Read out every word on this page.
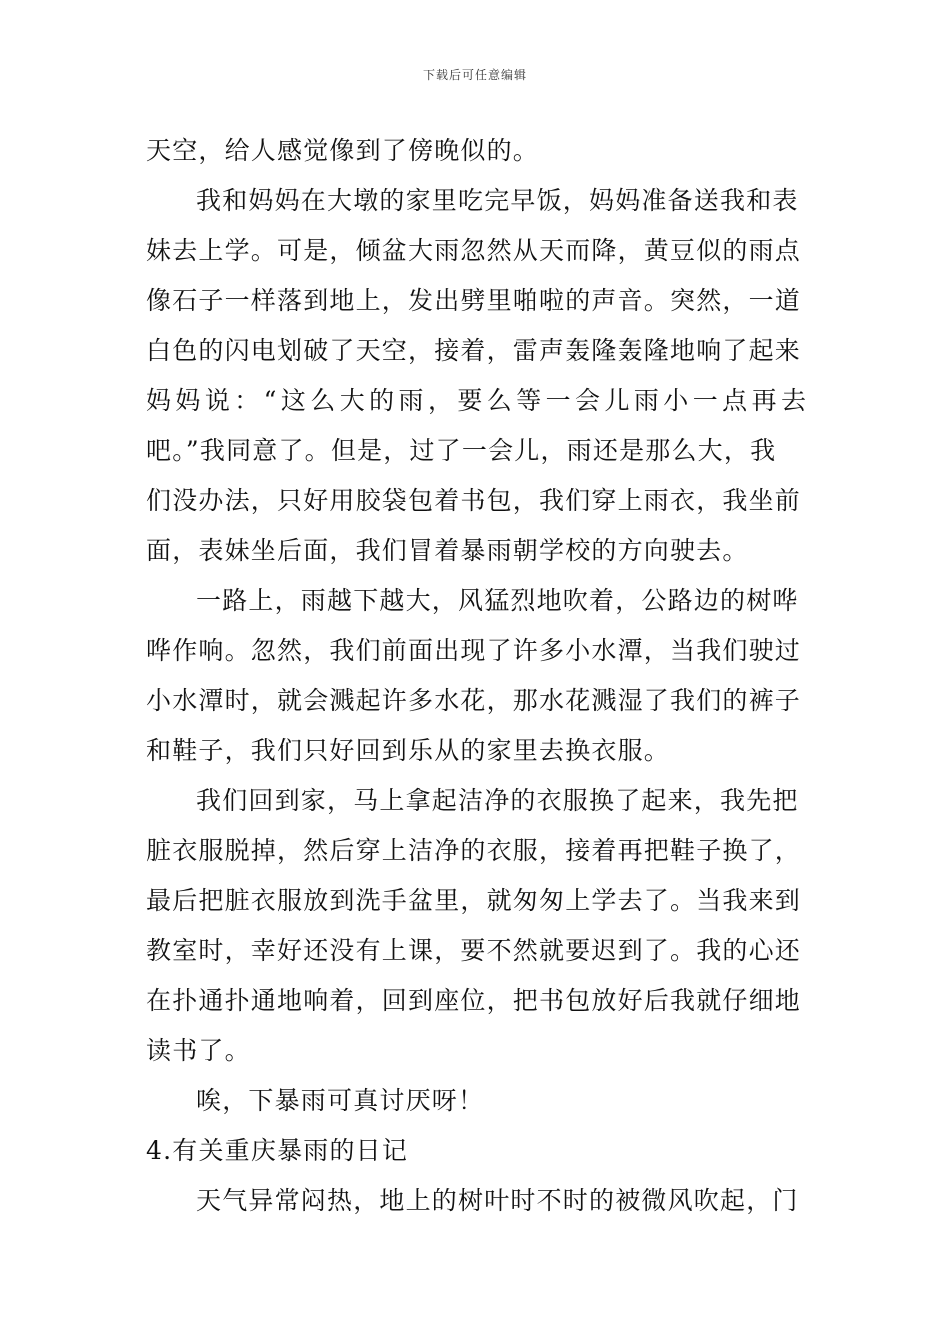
下载后可任意编辑
天空，给人感觉像到了傍晚似的。
我和妈妈在大墩的家里吃完早饭，妈妈准备送我和表
妹去上学。可是，倾盆大雨忽然从天而降，黄豆似的雨点
像石子一样落到地上，发出劈里啪啦的声音。突然，一道
白色的闪电划破了天空，接着，雷声轰隆轰隆地响了起来
妈妈说：“这么大的雨，要么等一会儿雨小一点再去
吧。”我同意了。但是，过了一会儿，雨还是那么大，我
们没办法，只好用胶袋包着书包，我们穿上雨衣，我坐前
面，表妹坐后面，我们冒着暴雨朝学校的方向驶去。
一路上，雨越下越大，风猛烈地吹着，公路边的树哗
哗作响。忽然，我们前面出现了许多小水潭，当我们驶过
小水潭时，就会溅起许多水花，那水花溅湿了我们的裤子
和鞋子，我们只好回到乐从的家里去换衣服。
我们回到家，马上拿起洁净的衣服换了起来，我先把
脏衣服脱掉，然后穿上洁净的衣服，接着再把鞋子换了，
最后把脏衣服放到洗手盆里，就匆匆上学去了。当我来到
教室时，幸好还没有上课，要不然就要迟到了。我的心还
在扑通扑通地响着，回到座位，把书包放好后我就仔细地
读书了。
唉，下暴雨可真讨厌呀！
4.有关重庆暴雨的日记
天气异常闷热，地上的树叶时不时的被微风吹起，门
